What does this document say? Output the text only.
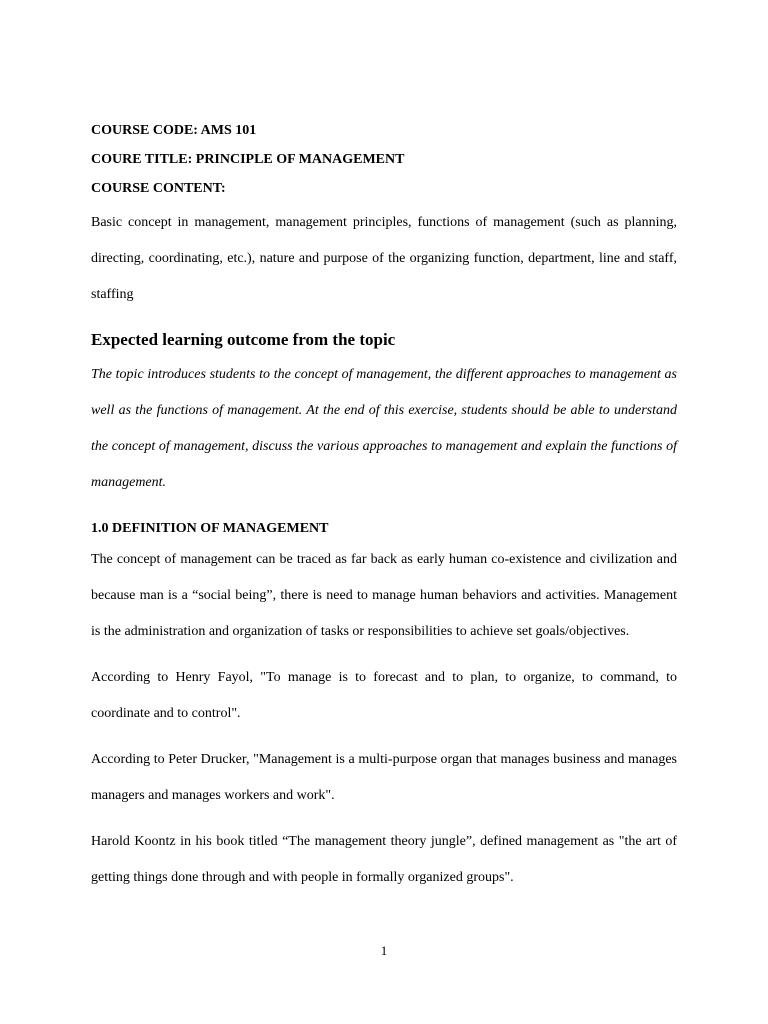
COURSE CODE: AMS 101
COURE TITLE: PRINCIPLE OF MANAGEMENT
COURSE CONTENT:

Basic concept in management, management principles, functions of management (such as planning, directing, coordinating, etc.), nature and purpose of the organizing function, department, line and staff, staffing

Expected learning outcome from the topic

The topic introduces students to the concept of management, the different approaches to management as well as the functions of management. At the end of this exercise, students should be able to understand the concept of management, discuss the various approaches to management and explain the functions of management.

1.0 DEFINITION OF MANAGEMENT

The concept of management can be traced as far back as early human co-existence and civilization and because man is a “social being”, there is need to manage human behaviors and activities. Management is the administration and organization of tasks or responsibilities to achieve set goals/objectives.

According to Henry Fayol, "To manage is to forecast and to plan, to organize, to command, to coordinate and to control".

According to Peter Drucker, "Management is a multi-purpose organ that manages business and manages managers and manages workers and work".

Harold Koontz in his book titled “The management theory jungle”, defined management as "the art of getting things done through and with people in formally organized groups".

1
